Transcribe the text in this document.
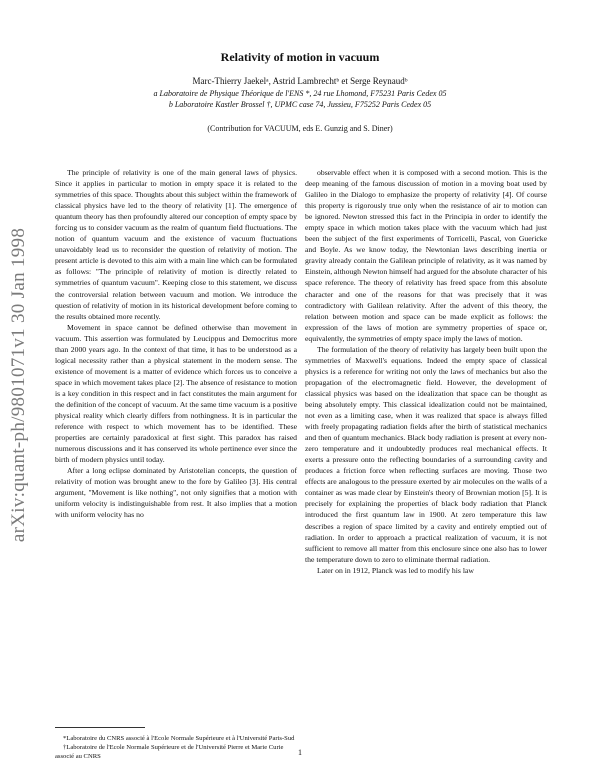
arXiv:quant-ph/9801071v1 30 Jan 1998
Relativity of motion in vacuum
Marc-Thierry Jaekelᵃ, Astrid Lambrechtᵇ et Serge Reynaudᵇ
a Laboratoire de Physique Théorique de l'ENS *, 24 rue Lhomond, F75231 Paris Cedex 05
b Laboratoire Kastler Brossel †, UPMC case 74, Jussieu, F75252 Paris Cedex 05
(Contribution for VACUUM, eds E. Gunzig and S. Diner)

The principle of relativity is one of the main general laws of physics. Since it applies in particular to motion in empty space it is related to the symmetries of this space. Thoughts about this subject within the framework of classical physics have led to the theory of relativity [1]. The emergence of quantum theory has then profoundly altered our conception of empty space by forcing us to consider vacuum as the realm of quantum field fluctuations. The notion of quantum vacuum and the existence of vacuum fluctuations unavoidably lead us to reconsider the question of relativity of motion. The present article is devoted to this aim with a main line which can be formulated as follows: "The principle of relativity of motion is directly related to symmetries of quantum vacuum". Keeping close to this statement, we discuss the controversial relation between vacuum and motion. We introduce the question of relativity of motion in its historical development before coming to the results obtained more recently.

Movement in space cannot be defined otherwise than movement in vacuum. This assertion was formulated by Leucippus and Democritus more than 2000 years ago. In the context of that time, it has to be understood as a logical necessity rather than a physical statement in the modern sense. The existence of movement is a matter of evidence which forces us to conceive a space in which movement takes place [2]. The absence of resistance to motion is a key condition in this respect and in fact constitutes the main argument for the definition of the concept of vacuum. At the same time vacuum is a positive physical reality which clearly differs from nothingness. It is in particular the reference with respect to which movement has to be identified. These properties are certainly paradoxical at first sight. This paradox has raised numerous discussions and it has conserved its whole pertinence ever since the birth of modern physics until today.

After a long eclipse dominated by Aristotelian concepts, the question of relativity of motion was brought anew to the fore by Galileo [3]. His central argument, "Movement is like nothing", not only signifies that a motion with uniform velocity is indistinguishable from rest. It also implies that a motion with uniform velocity has no

observable effect when it is composed with a second motion. This is the deep meaning of the famous discussion of motion in a moving boat used by Galileo in the Dialogo to emphasize the property of relativity [4]. Of course this property is rigorously true only when the resistance of air to motion can be ignored. Newton stressed this fact in the Principia in order to identify the empty space in which motion takes place with the vacuum which had just been the subject of the first experiments of Torricelli, Pascal, von Guericke and Boyle. As we know today, the Newtonian laws describing inertia or gravity already contain the Galilean principle of relativity, as it was named by Einstein, although Newton himself had argued for the absolute character of his space reference. The theory of relativity has freed space from this absolute character and one of the reasons for that was precisely that it was contradictory with Galilean relativity. After the advent of this theory, the relation between motion and space can be made explicit as follows: the expression of the laws of motion are symmetry properties of space or, equivalently, the symmetries of empty space imply the laws of motion.

The formulation of the theory of relativity has largely been built upon the symmetries of Maxwell's equations. Indeed the empty space of classical physics is a reference for writing not only the laws of mechanics but also the propagation of the electromagnetic field. However, the development of classical physics was based on the idealization that space can be thought as being absolutely empty. This classical idealization could not be maintained, not even as a limiting case, when it was realized that space is always filled with freely propagating radiation fields after the birth of statistical mechanics and then of quantum mechanics. Black body radiation is present at every non-zero temperature and it undoubtedly produces real mechanical effects. It exerts a pressure onto the reflecting boundaries of a surrounding cavity and produces a friction force when reflecting surfaces are moving. Those two effects are analogous to the pressure exerted by air molecules on the walls of a container as was made clear by Einstein's theory of Brownian motion [5]. It is precisely for explaining the properties of black body radiation that Planck introduced the first quantum law in 1900. At zero temperature this law describes a region of space limited by a cavity and entirely emptied out of radiation. In order to approach a practical realization of vacuum, it is not sufficient to remove all matter from this enclosure since one also has to lower the temperature down to zero to eliminate thermal radiation.

Later on in 1912, Planck was led to modify his law

*Laboratoire du CNRS associé à l'Ecole Normale Supérieure et à l'Université Paris-Sud

†Laboratoire de l'Ecole Normale Supérieure et de l'Université Pierre et Marie Curie associé au CNRS	1
